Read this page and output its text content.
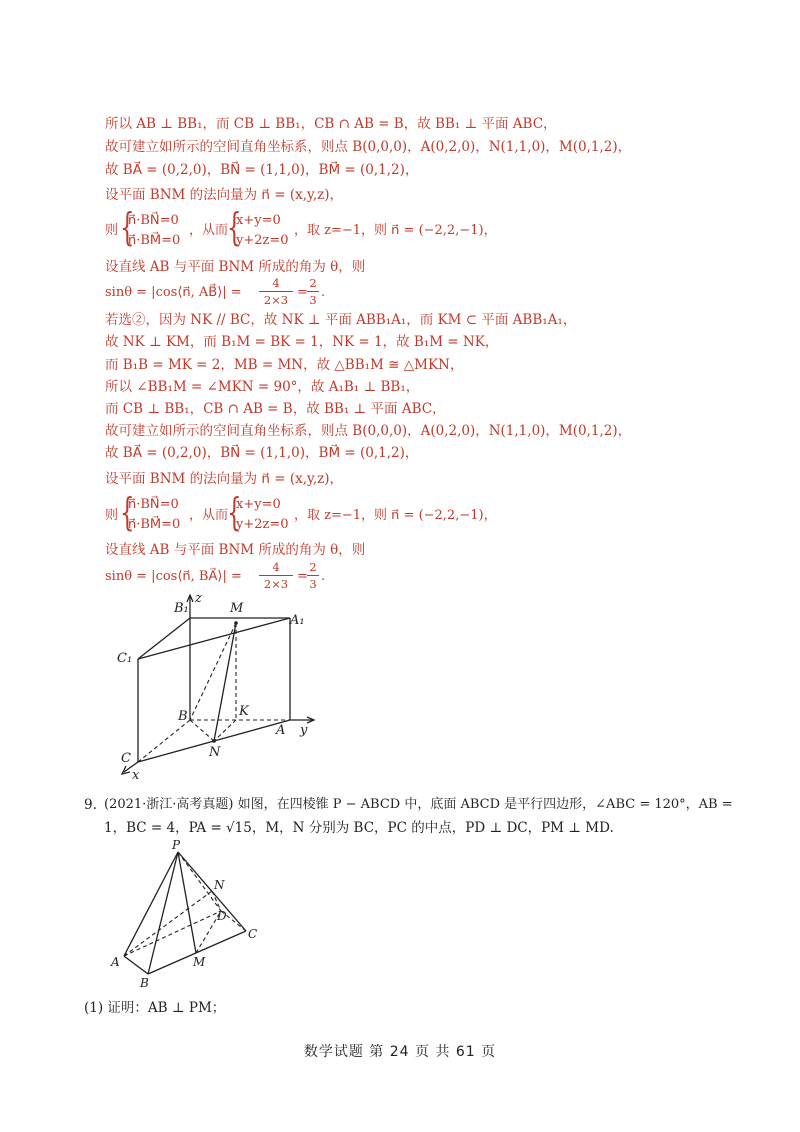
所以 AB ⊥ BB₁，而 CB ⊥ BB₁，CB ∩ AB = B，故 BB₁ ⊥ 平面 ABC，
故可建立如所示的空间直角坐标系，则点 B(0,0,0)，A(0,2,0)，N(1,1,0)，M(0,1,2)，
故 BA⃗ = (0,2,0)，BN⃗ = (1,1,0)，BM⃗ = (0,1,2)，
设平面 BNM 的法向量为 n⃗ = (x,y,z)，
则 {
n⃗·BN⃗=0
n⃗·BM⃗=0
，从而
{
x+y=0
y+2z=0
，取 z=−1，则 n⃗ = (−2,2,−1)，
设直线 AB 与平面 BNM 所成的角为 θ，则
sinθ = |cos⟨n⃗, AB⃗⟩| =
4
2×3 =
2
3 .
若选②，因为 NK // BC，故 NK ⊥ 平面 ABB₁A₁，而 KM ⊂ 平面 ABB₁A₁，
故 NK ⊥ KM，而 B₁M = BK = 1，NK = 1，故 B₁M = NK，
而 B₁B = MK = 2，MB = MN，故 △BB₁M ≅ △MKN，
所以 ∠BB₁M = ∠MKN = 90°，故 A₁B₁ ⊥ BB₁，
而 CB ⊥ BB₁，CB ∩ AB = B，故 BB₁ ⊥ 平面 ABC，
故可建立如所示的空间直角坐标系，则点 B(0,0,0)，A(0,2,0)，N(1,1,0)，M(0,1,2)，
故 BA⃗ = (0,2,0)，BN⃗ = (1,1,0)，BM⃗ = (0,1,2)，
设平面 BNM 的法向量为 n⃗ = (x,y,z)，
则 {
n⃗·BN⃗=0
n⃗·BM⃗=0
，从而
{
x+y=0
y+2z=0
，取 z=−1，则 n⃗ = (−2,2,−1)，
设直线 AB 与平面 BNM 所成的角为 θ，则
sinθ = |cos⟨n⃗, BA⃗⟩| =
4
2×3 =
2
3 .
B₁
z
M
A₁
C₁
B	K
A y
C	N
x
9. (2021·浙江·高考真题) 如图，在四棱锥 P − ABCD 中，底面 ABCD 是平行四边形，∠ABC = 120°，AB =
1，BC = 4，PA = √15，M，N 分别为 BC，PC 的中点，PD ⊥ DC，PM ⊥ MD.
P
N
D
C
A	M
B
(1) 证明：AB ⊥ PM；
数学试题 第 24 页 共 61 页
